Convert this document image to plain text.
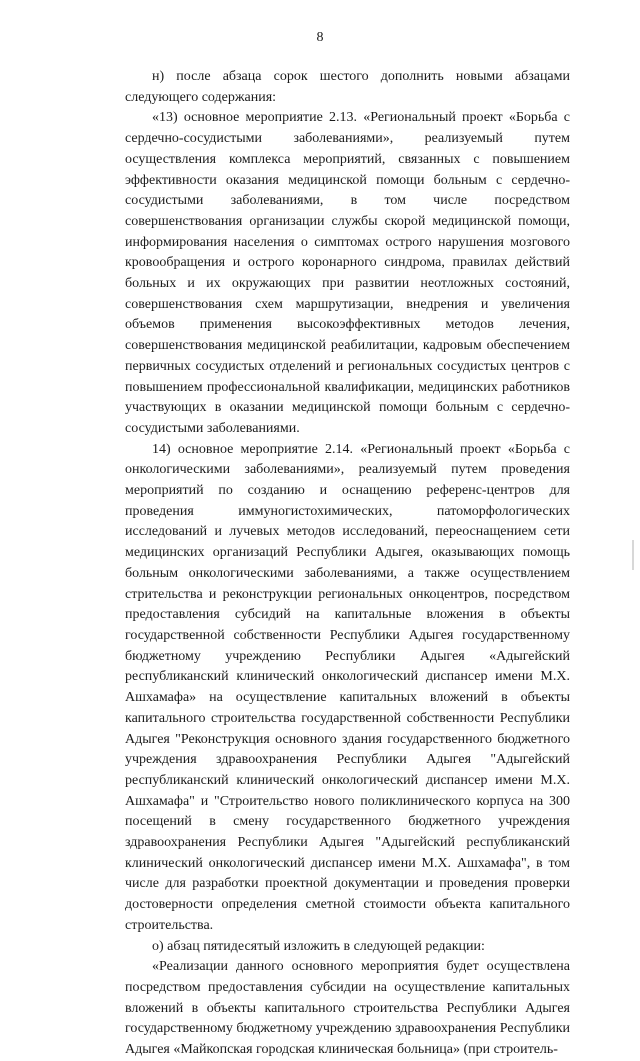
8

н) после абзаца сорок шестого дополнить новыми абзацами следующего содержания:

«13) основное мероприятие 2.13. «Региональный проект «Борьба с сердечно-сосудистыми заболеваниями», реализуемый путем осуществления комплекса мероприятий, связанных с повышением эффективности оказания медицинской помощи больным с сердечно-сосудистыми заболеваниями, в том числе посредством совершенствования организации службы скорой медицинской помощи, информирования населения о симптомах острого нарушения мозгового кровообращения и острого коронарного синдрома, правилах действий больных и их окружающих при развитии неотложных состояний, совершенствования схем маршрутизации, внедрения и увеличения объемов применения высокоэффективных методов лечения, совершенствования медицинской реабилитации, кадровым обеспечением первичных сосудистых отделений и региональных сосудистых центров с повышением профессиональной квалификации, медицинских работников участвующих в оказании медицинской помощи больным с сердечно-сосудистыми заболеваниями.

14) основное мероприятие 2.14. «Региональный проект «Борьба с онкологическими заболеваниями», реализуемый путем проведения мероприятий по созданию и оснащению референс-центров для проведения иммуногистохимических, патоморфологических исследований и лучевых методов исследований, переоснащением сети медицинских организаций Республики Адыгея, оказывающих помощь больным онкологическими заболеваниями, а также осуществлением стрительства и реконструкции региональных онкоцентров, посредством предоставления субсидий на капитальные вложения в объекты государственной собственности Республики Адыгея государственному бюджетному учреждению Республики Адыгея «Адыгейский республиканский клинический онкологический диспансер имени М.Х. Ашхамафа» на осуществление капитальных вложений в объекты капитального строительства государственной собственности Республики Адыгея "Реконструкция основного здания государственного бюджетного учреждения здравоохранения Республики Адыгея "Адыгейский республиканский клинический онкологический диспансер имени М.Х. Ашхамафа" и "Строительство нового поликлинического корпуса на 300 посещений в смену государственного бюджетного учреждения здравоохранения Республики Адыгея "Адыгейский республиканский клинический онкологический диспансер имени М.Х. Ашхамафа", в том числе для разработки проектной документации и проведения проверки достоверности определения сметной стоимости объекта капитального строительства.

о) абзац пятидесятый изложить в следующей редакции:

«Реализации данного основного мероприятия будет осуществлена посредством предоставления субсидии на осуществление капитальных вложений в объекты капитального строительства Республики Адыгея государственному бюджетному учреждению здравоохранения Республики Адыгея «Майкопская городская клиническая больница» (при строитель-
